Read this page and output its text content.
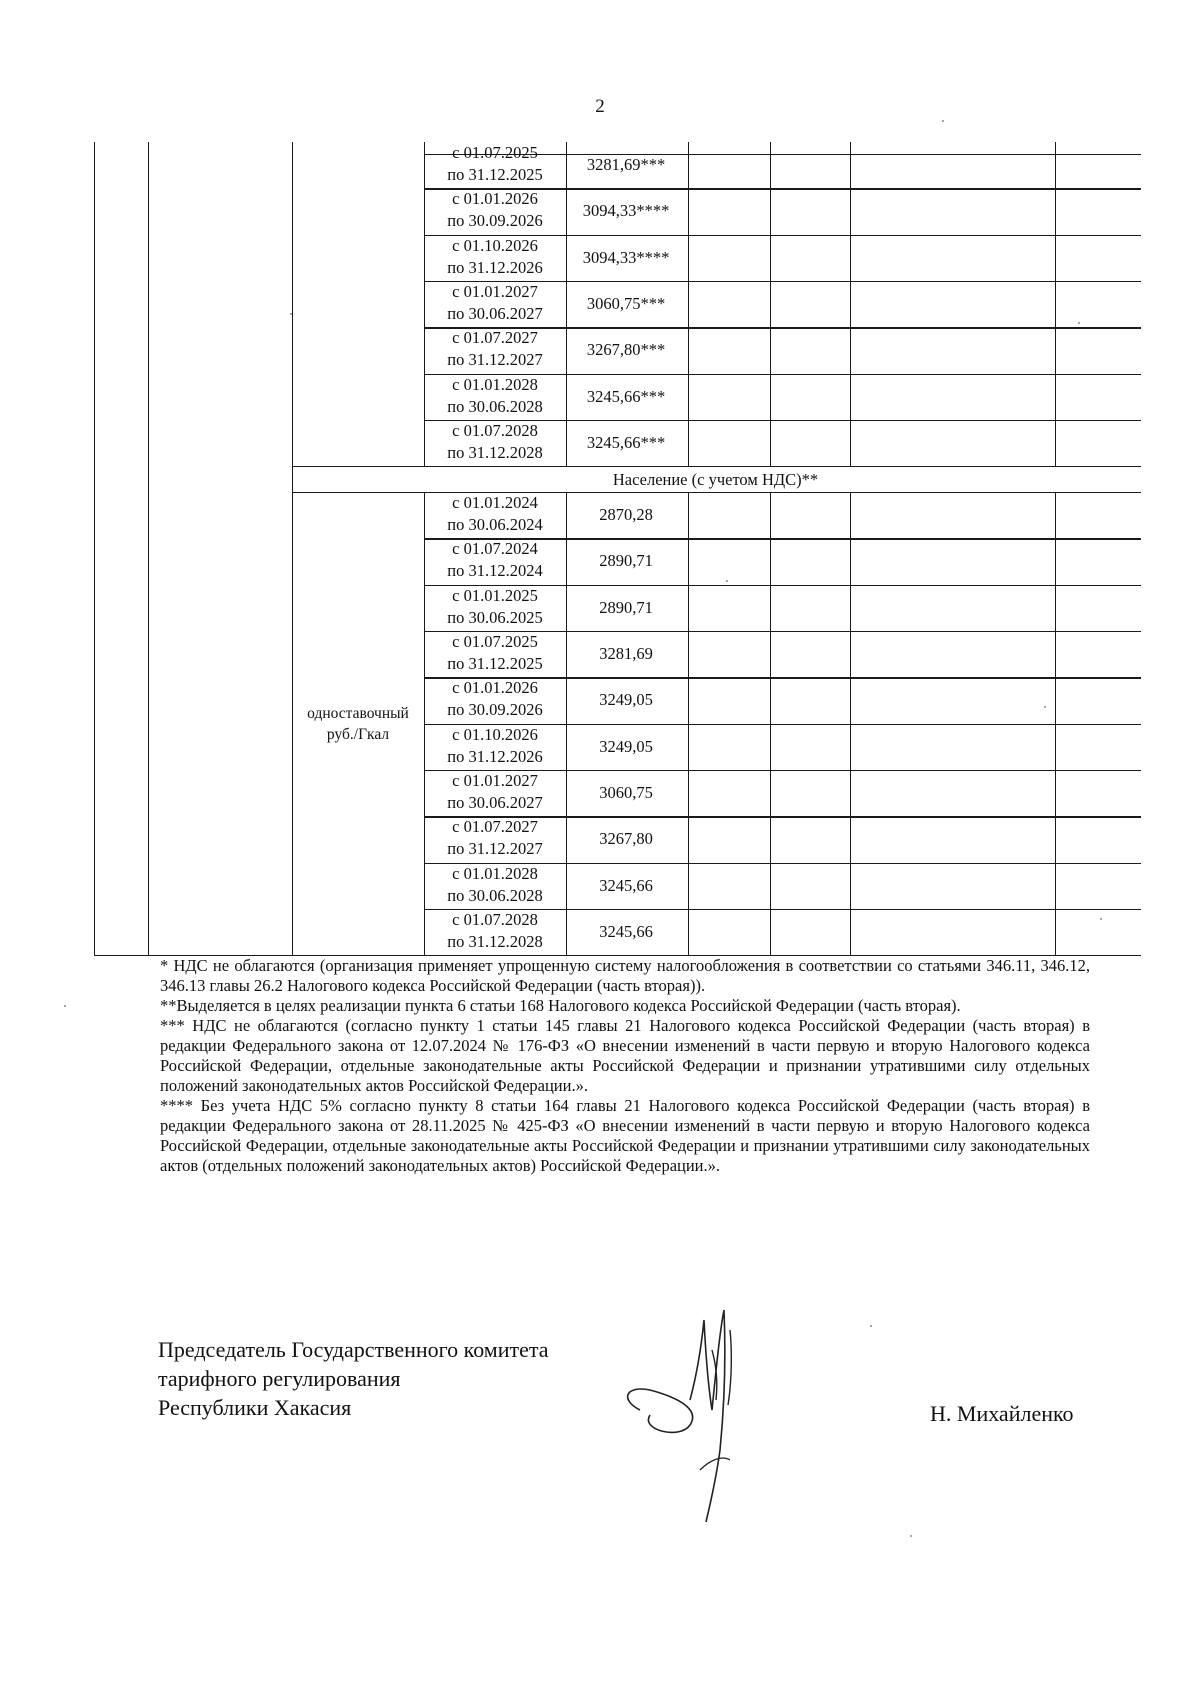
2
Население (с учетом НДС)**
одноставочный
руб./Гкал

* НДС не облагаются (организация применяет упрощенную систему налогообложения в соответствии со статьями 346.11, 346.12, 346.13 главы 26.2 Налогового кодекса Российской Федерации (часть вторая)).

**Выделяется в целях реализации пункта 6 статьи 168 Налогового кодекса Российской Федерации (часть вторая).

*** НДС не облагаются (согласно пункту 1 статьи 145 главы 21 Налогового кодекса Российской Федерации (часть вторая) в редакции Федерального закона от 12.07.2024 № 176-ФЗ «О внесении изменений в части первую и вторую Налогового кодекса Российской Федерации, отдельные законодательные акты Российской Федерации и признании утратившими силу отдельных положений законодательных актов Российской Федерации.».

**** Без учета НДС 5% согласно пункту 8 статьи 164 главы 21 Налогового кодекса Российской Федерации (часть вторая) в редакции Федерального закона от 28.11.2025 № 425-ФЗ «О внесении изменений в части первую и вторую Налогового кодекса Российской Федерации, отдельные законодательные акты Российской Федерации и признании утратившими силу законодательных актов (отдельных положений законодательных актов) Российской Федерации.».

Председатель Государственного комитета
тарифного регулирования
Республики Хакасия	Н. Михайленко
с 01.07.2025
по 31.12.2025
3281,69***
с 01.01.2026
по 30.09.2026
3094,33****
с 01.10.2026
по 31.12.2026
3094,33****
с 01.01.2027
по 30.06.2027
3060,75***
с 01.07.2027
по 31.12.2027
3267,80***
с 01.01.2028
по 30.06.2028
3245,66***
с 01.07.2028
по 31.12.2028
3245,66***
с 01.01.2024
по 30.06.2024
2870,28
с 01.07.2024
по 31.12.2024
2890,71
с 01.01.2025
по 30.06.2025
2890,71
с 01.07.2025
по 31.12.2025
3281,69
с 01.01.2026
по 30.09.2026
3249,05
с 01.10.2026
по 31.12.2026
3249,05
с 01.01.2027
по 30.06.2027
3060,75
с 01.07.2027
по 31.12.2027
3267,80
с 01.01.2028
по 30.06.2028
3245,66
с 01.07.2028
по 31.12.2028
3245,66
